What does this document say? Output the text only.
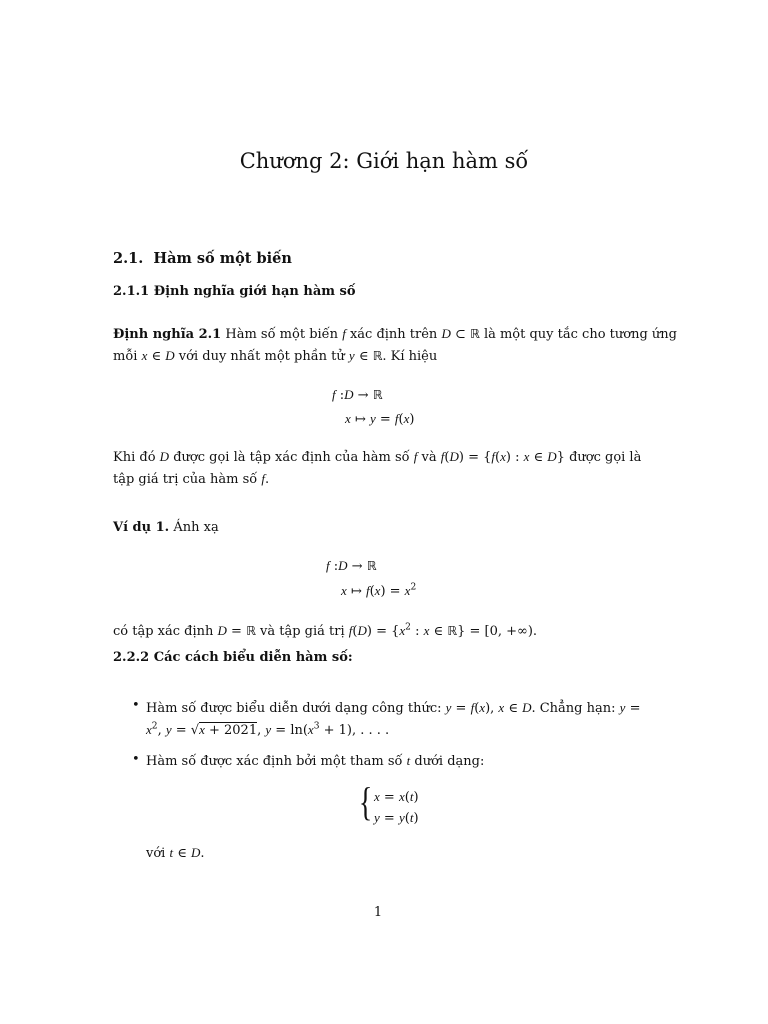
Chương 2: Giới hạn hàm số
2.1. Hàm số một biến
2.1.1 Định nghĩa giới hạn hàm số
Định nghĩa 2.1 Hàm số một biến f xác định trên D ⊂ ℝ là một quy tắc cho tương ứng
mỗi x ∈ D với duy nhất một phần tử y ∈ ℝ. Kí hiệu
f :D → ℝ
x ↦ y = f(x)
Khi đó D được gọi là tập xác định của hàm số f và f(D) = {f(x) : x ∈ D} được gọi là
tập giá trị của hàm số f.
Ví dụ 1. Ánh xạ
f :D → ℝ
x ↦ $f(x) = x^2$
có tập xác định D = ℝ và tập giá trị $f(D) = \{x^2$ : x ∈ ℝ} = [0, +∞).
2.2.2 Các cách biểu diễn hàm số:
• Hàm số được biểu diễn dưới dạng công thức: y = f(x), x ∈ D. Chẳng hạn: y =
$x^2$, y = √x + 2021, $y = \ln(x^3 + 1)$, . . . .
• Hàm số được xác định bởi một tham số t dưới dạng:
{ x = x(t)
y = y(t)
với t ∈ D.
1
